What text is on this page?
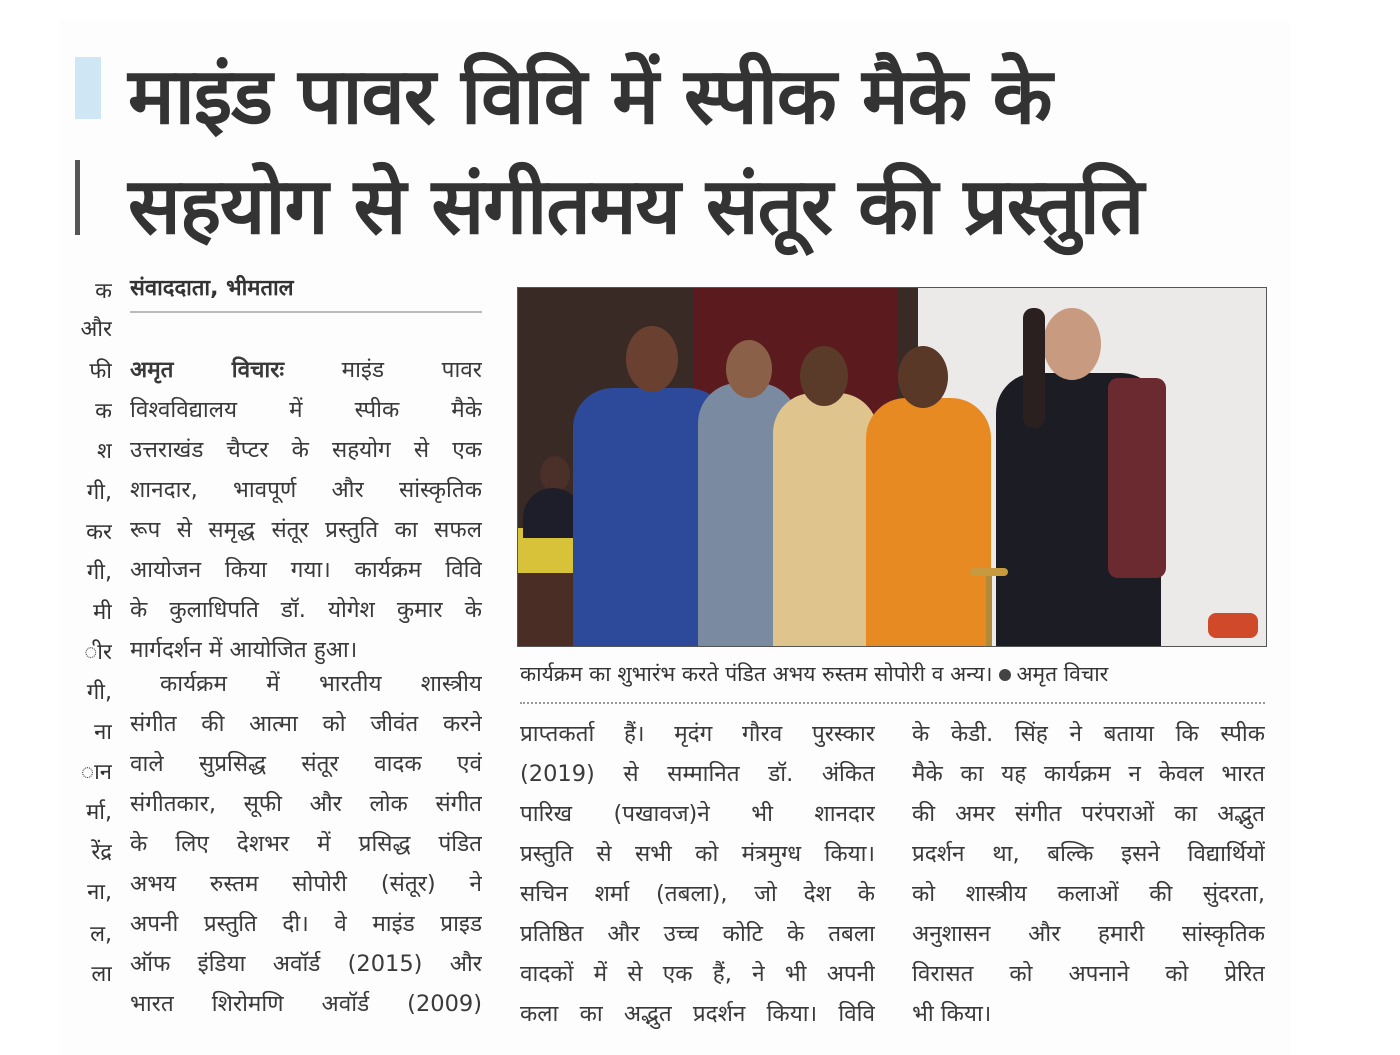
माइंड पावर विवि में स्पीक मैके के
सहयोग से संगीतमय संतूर की प्रस्तुति
संवाददाता, भीमताल
क
और
फी
क
श
गी,
कर
गी,
मी
ीर
गी,
ना
ान
र्मा,
रेंद्र
ना,
ल,
ला
अमृत विचारः माइंड पावर
विश्वविद्यालय में स्पीक मैके
उत्तराखंड चैप्टर के सहयोग से एक
शानदार, भावपूर्ण और सांस्कृतिक
रूप से समृद्ध संतूर प्रस्तुति का सफल
आयोजन किया गया। कार्यक्रम विवि
के कुलाधिपति डॉ. योगेश कुमार के
मार्गदर्शन में आयोजित हुआ।
कार्यक्रम में भारतीय शास्त्रीय
संगीत की आत्मा को जीवंत करने
वाले सुप्रसिद्ध संतूर वादक एवं
संगीतकार, सूफी और लोक संगीत
के लिए देशभर में प्रसिद्ध पंडित
अभय रुस्तम सोपोरी (संतूर) ने
अपनी प्रस्तुति दी। वे माइंड प्राइड
ऑफ इंडिया अवॉर्ड (2015) और
भारत शिरोमणि अवॉर्ड (2009)
कार्यक्रम का शुभारंभ करते पंडित अभय रुस्तम सोपोरी व अन्य। अमृत विचार
प्राप्तकर्ता हैं। मृदंग गौरव पुरस्कार
(2019) से सम्मानित डॉ. अंकित
पारिख (पखावज)ने भी शानदार
प्रस्तुति से सभी को मंत्रमुग्ध किया।
सचिन शर्मा (तबला), जो देश के
प्रतिष्ठित और उच्च कोटि के तबला
वादकों में से एक हैं, ने भी अपनी
कला का अद्भुत प्रदर्शन किया। विवि
के केडी. सिंह ने बताया कि स्पीक
मैके का यह कार्यक्रम न केवल भारत
की अमर संगीत परंपराओं का अद्भुत
प्रदर्शन था, बल्कि इसने विद्यार्थियों
को शास्त्रीय कलाओं की सुंदरता,
अनुशासन और हमारी सांस्कृतिक
विरासत को अपनाने को प्रेरित
भी किया।
